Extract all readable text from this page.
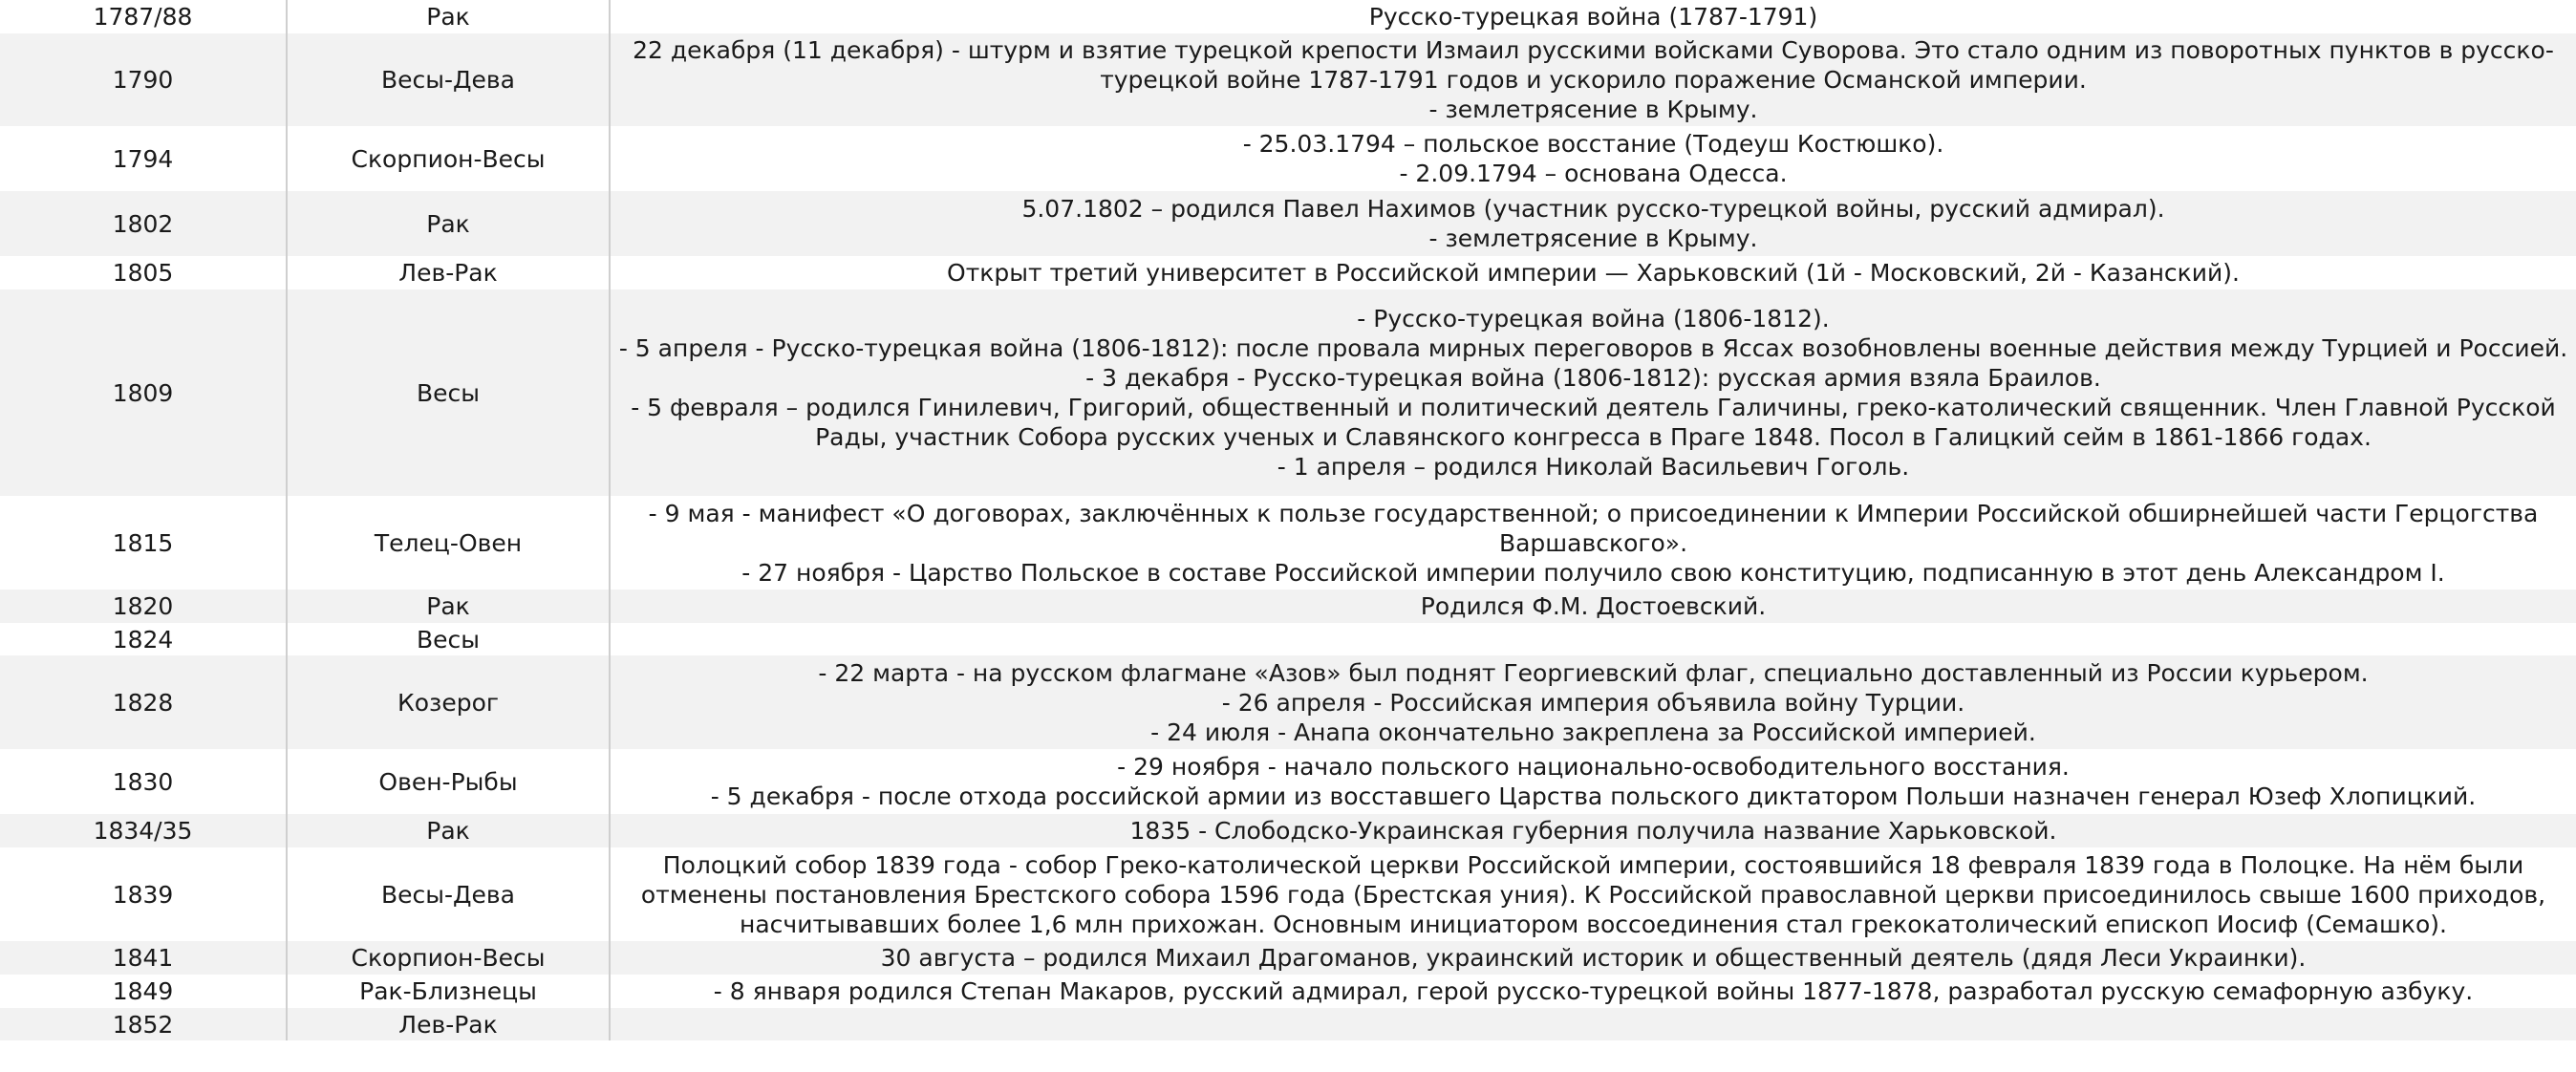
1787/88	Рак	Русско-турецкая война (1787-1791)

1790	Весы-Дева	22 декабря (11 декабря) - штурм и взятие турецкой крепости Измаил русскими войсками Суворова. Это стало одним из поворотных пунктов в русско-турецкой войне 1787-1791 годов и ускорило поражение Османской империи.
- землетрясение в Крыму.

1794	Скорпион-Весы	- 25.03.1794 – польское восстание (Тодеуш Костюшко).
- 2.09.1794 – основана Одесса.

1802	Рак	5.07.1802 – родился Павел Нахимов (участник русско-турецкой войны, русский адмирал).
- землетрясение в Крыму.

1805	Лев-Рак	Открыт третий университет в Российской империи — Харьковский (1й - Московский, 2й - Казанский).

1809	Весы	- Русско-турецкая война (1806-1812).
- 5 апреля - Русско-турецкая война (1806-1812): после провала мирных переговоров в Яссах возобновлены военные действия между Турцией и Россией.
- 3 декабря - Русско-турецкая война (1806-1812): русская армия взяла Браилов.
- 5 февраля – родился Гинилевич, Григорий, общественный и политический деятель Галичины, греко-католический священник. Член Главной Русской Рады, участник Собора русских ученых и Славянского конгресса в Праге 1848. Посол в Галицкий сейм в 1861-1866 годах.
- 1 апреля – родился Николай Васильевич Гоголь.

1815	Телец-Овен	- 9 мая - манифест «О договорах, заключённых к пользе государственной; о присоединении к Империи Российской обширнейшей части Герцогства Варшавского».
- 27 ноября - Царство Польское в составе Российской империи получило свою конституцию, подписанную в этот день Александром I.

1820	Рак	Родился Ф.М. Достоевский.

1824	Весы	
1828	Козерог	- 22 марта - на русском флагмане «Азов» был поднят Георгиевский флаг, специально доставленный из России курьером.
- 26 апреля - Российская империя объявила войну Турции.
- 24 июля - Анапа окончательно закреплена за Российской империей.

1830	Овен-Рыбы	- 29 ноября - начало польского национально-освободительного восстания.
- 5 декабря - после отхода российской армии из восставшего Царства польского диктатором Польши назначен генерал Юзеф Хлопицкий.

1834/35	Рак	1835 - Слободско-Украинская губерния получила название Харьковской.

1839	Весы-Дева	Полоцкий собор 1839 года - собор Греко-католической церкви Российской империи, состоявшийся 18 февраля 1839 года в Полоцке. На нём были отменены постановления Брестского собора 1596 года (Брестская уния). К Российской православной церкви присоединилось свыше 1600 приходов, насчитывавших более 1,6 млн прихожан. Основным инициатором воссоединения стал грекокатолический епископ Иосиф (Семашко).

1841	Скорпион-Весы	30 августа – родился Михаил Драгоманов, украинский историк и общественный деятель (дядя Леси Украинки).

1849	Рак-Близнецы	- 8 января родился Степан Макаров, русский адмирал, герой русско-турецкой войны 1877-1878, разработал русскую семафорную азбуку.

1852	Лев-Рак	
